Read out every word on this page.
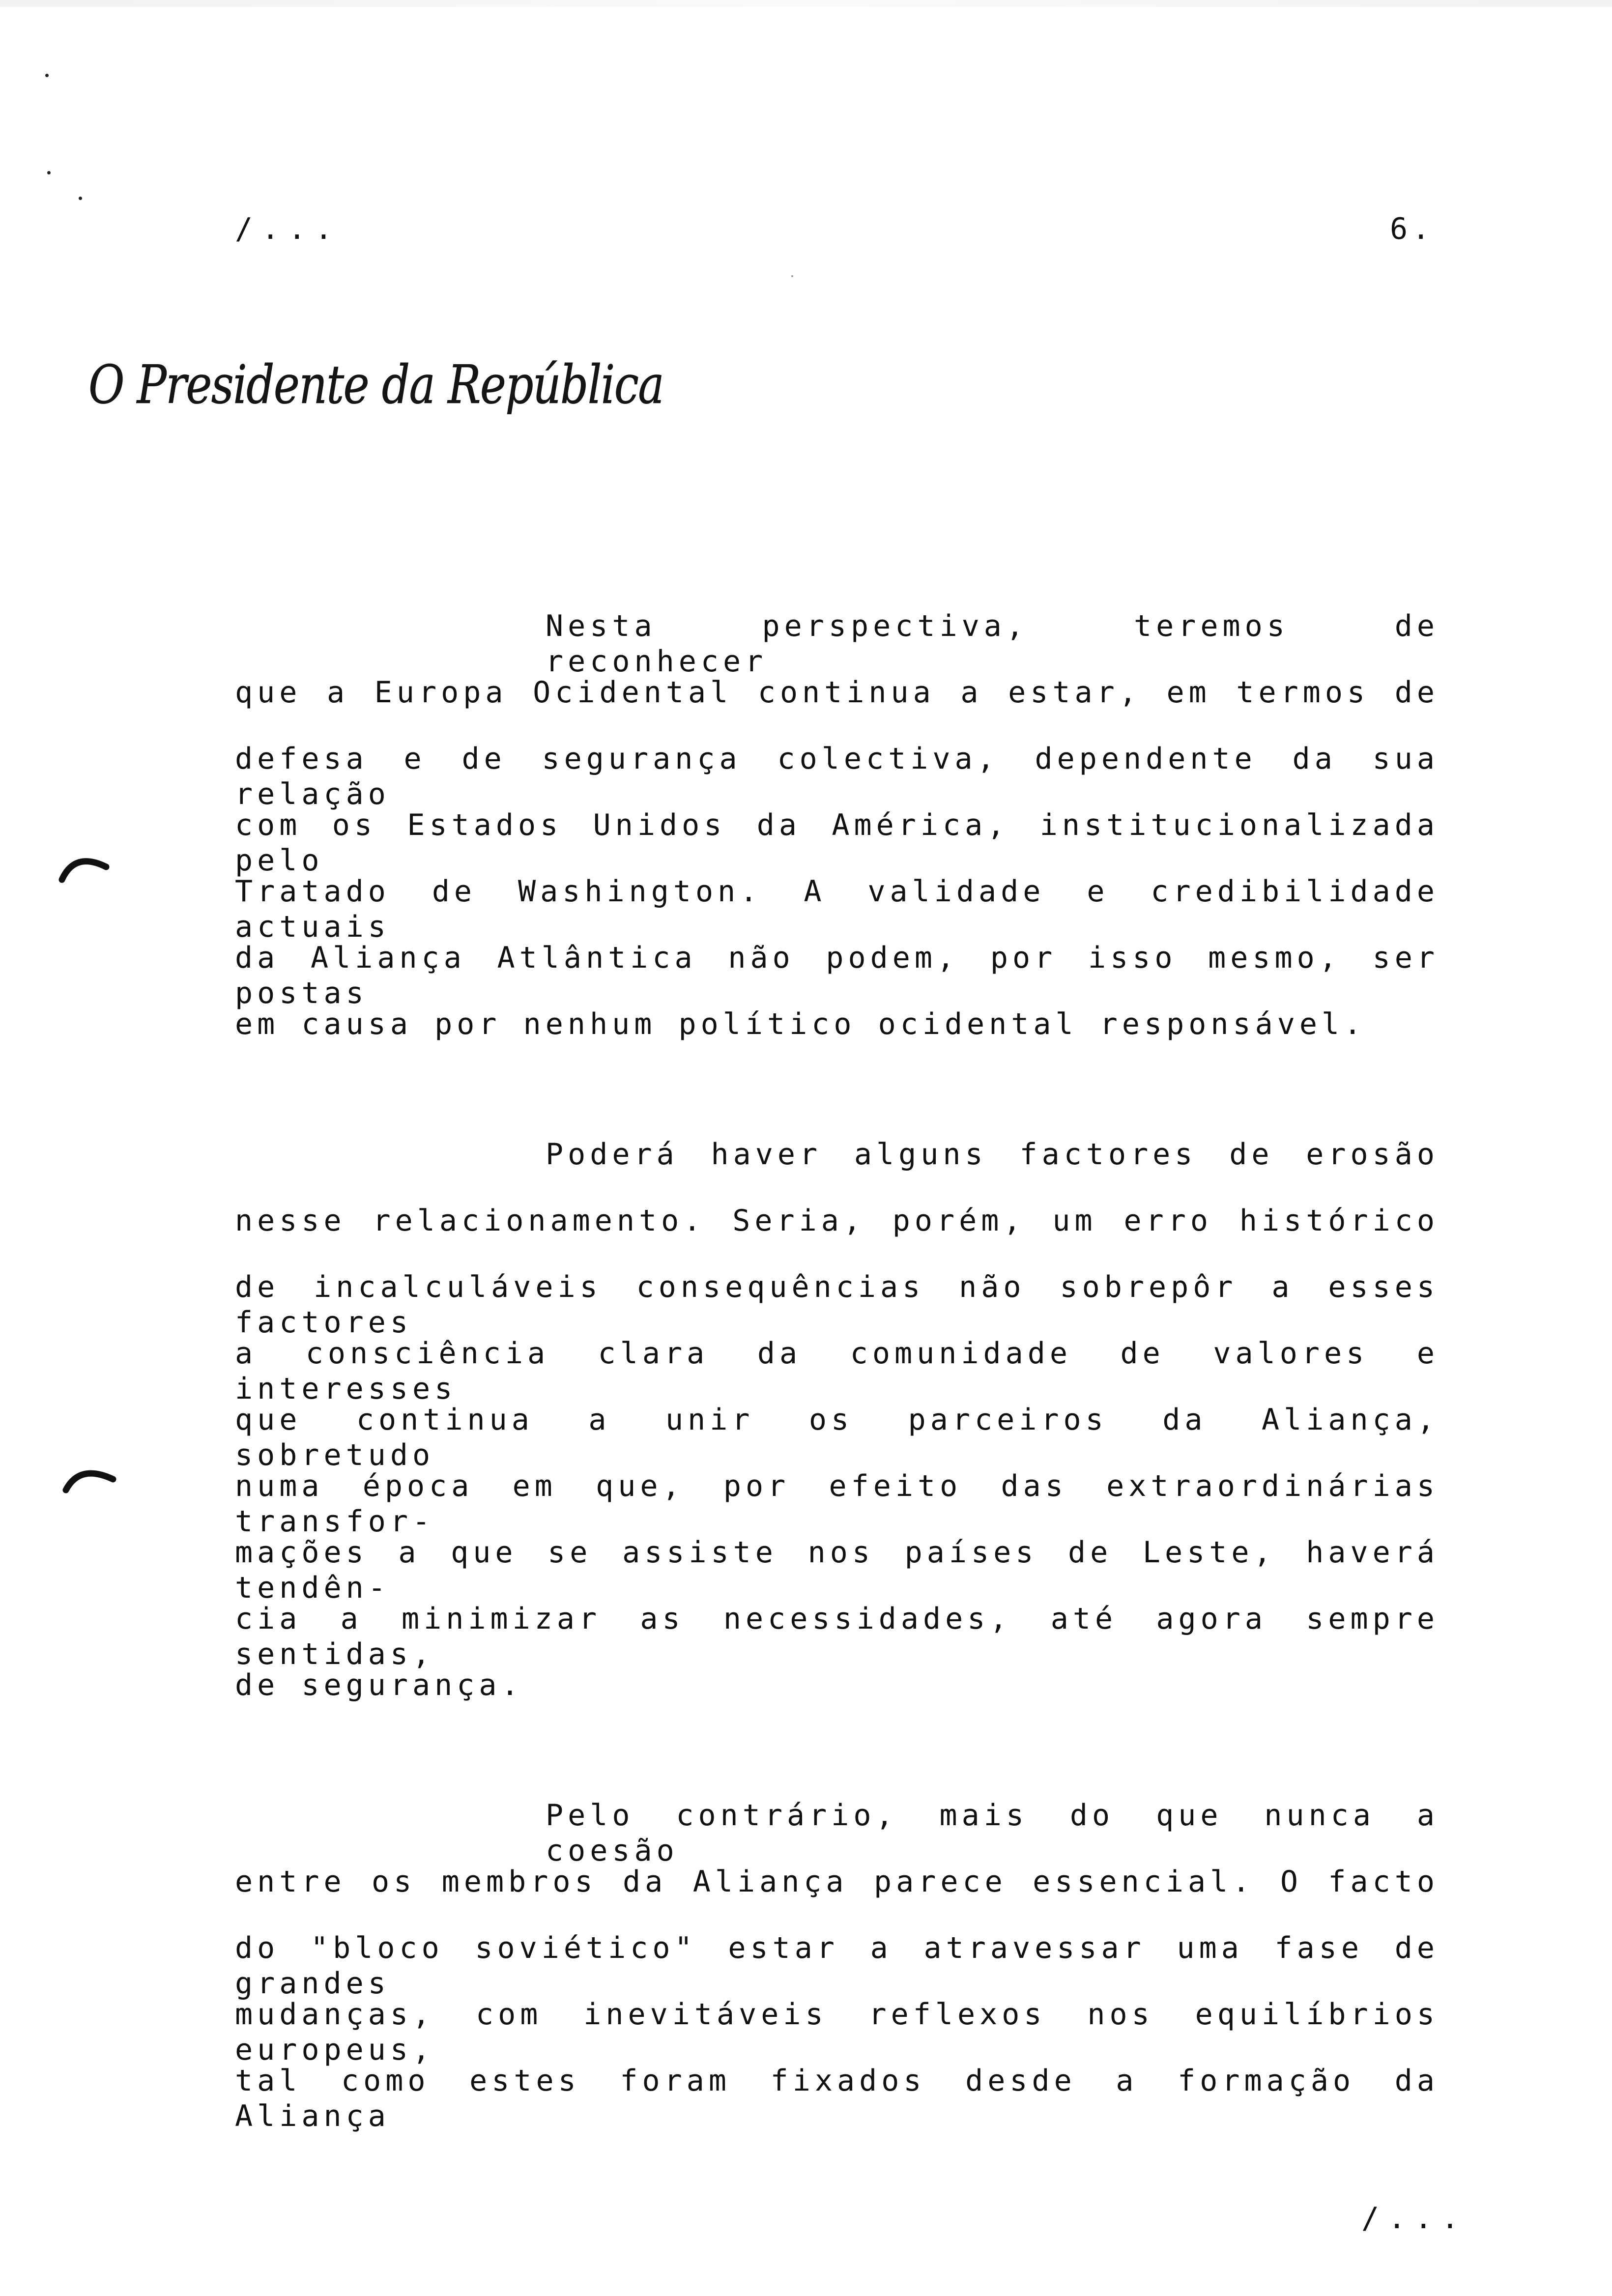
/...	6.
O Presidente da República
Nesta perspectiva, teremos de reconhecer
que a Europa Ocidental continua a estar, em termos de
defesa e de segurança colectiva, dependente da sua relação
com os Estados Unidos da América, institucionalizada pelo
Tratado de Washington. A validade e credibilidade actuais
da Aliança Atlântica não podem, por isso mesmo, ser postas
em causa por nenhum político ocidental responsável.
Poderá haver alguns factores de erosão
nesse relacionamento. Seria, porém, um erro histórico
de incalculáveis consequências não sobrepôr a esses factores
a consciência clara da comunidade de valores e interesses
que continua a unir os parceiros da Aliança, sobretudo
numa época em que, por efeito das extraordinárias transfor-
mações a que se assiste nos países de Leste, haverá tendên-
cia a minimizar as necessidades, até agora sempre sentidas,
de segurança.
Pelo contrário, mais do que nunca a coesão
entre os membros da Aliança parece essencial. O facto
do "bloco soviético" estar a atravessar uma fase de grandes
mudanças, com inevitáveis reflexos nos equilíbrios europeus,
tal como estes foram fixados desde a formação da Aliança
/...
